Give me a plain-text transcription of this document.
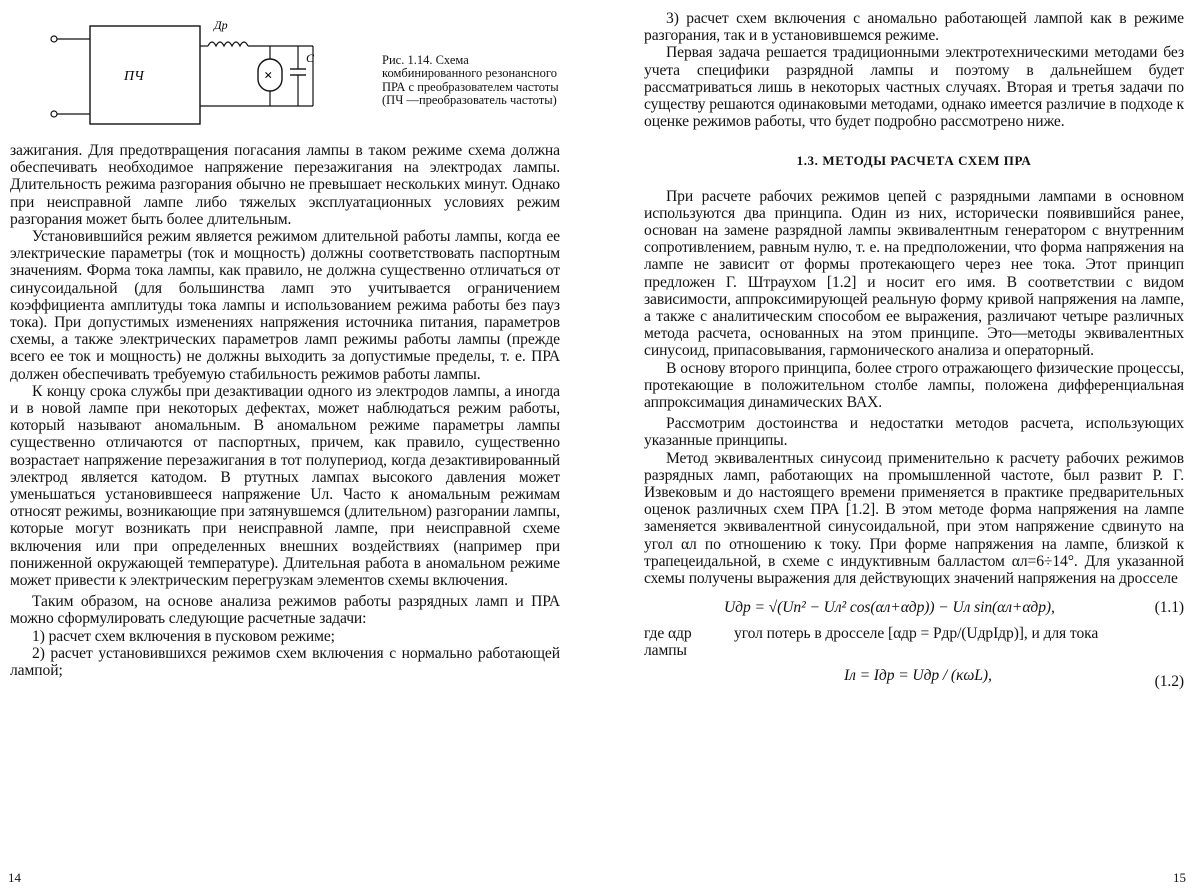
ПЧ
Др
×
С	Рис. 1.14. Схема комбинированного резонансного ПРА с преобразователем частоты (ПЧ —преобразователь частоты)

зажигания. Для предотвращения погасания лампы в таком режиме схема должна обеспечивать необходимое напряжение перезажигания на электродах лампы. Длительность режима разгорания обычно не превышает нескольких минут. Однако при неисправной лампе либо тяжелых эксплуатационных условиях режим разгорания может быть более длительным.

Установившийся режим является режимом длительной работы лампы, когда ее электрические параметры (ток и мощность) должны соответствовать паспортным значениям. Форма тока лампы, как правило, не должна существенно отличаться от синусоидальной (для большинства ламп это учитывается ограничением коэффициента амплитуды тока лампы и использованием режима работы без пауз тока). При допустимых изменениях напряжения источника питания, параметров схемы, а также электрических параметров ламп режимы работы лампы (прежде всего ее ток и мощность) не должны выходить за допустимые пределы, т. е. ПРА должен обеспечивать требуемую стабильность режимов работы лампы.

К концу срока службы при дезактивации одного из электродов лампы, а иногда и в новой лампе при некоторых дефектах, может наблюдаться режим работы, который называют аномальным. В аномальном режиме параметры лампы существенно отличаются от паспортных, причем, как правило, существенно возрастает напряжение перезажигания в тот полупериод, когда дезактивированный электрод является катодом. В ртутных лампах высокого давления может уменьшаться установившееся напряжение Uл. Часто к аномальным режимам относят режимы, возникающие при затянувшемся (длительном) разгорании лампы, которые могут возникать при неисправной лампе, при неисправной схеме включения или при определенных внешних воздействиях (например при пониженной окружающей температуре). Длительная работа в аномальном режиме может привести к электрическим перегрузкам элементов схемы включения.

Таким образом, на основе анализа режимов работы разрядных ламп и ПРА можно сформулировать следующие расчетные задачи:

1) расчет схем включения в пусковом режиме;

2) расчет установившихся режимов схем включения с нормально работающей лампой;

14

3) расчет схем включения с аномально работающей лампой как в режиме разгорания, так и в установившемся режиме.

Первая задача решается традиционными электротехническими методами без учета специфики разрядной лампы и поэтому в дальнейшем будет рассматриваться лишь в некоторых частных случаях. Вторая и третья задачи по существу решаются одинаковыми методами, однако имеется различие в подходе к оценке режимов работы, что будет подробно рассмотрено ниже.

1.3. МЕТОДЫ РАСЧЕТА СХЕМ ПРА

При расчете рабочих режимов цепей с разрядными лампами в основном используются два принципа. Один из них, исторически появившийся ранее, основан на замене разрядной лампы эквивалентным генератором с внутренним сопротивлением, равным нулю, т. е. на предположении, что форма напряжения на лампе не зависит от формы протекающего через нее тока. Этот принцип предложен Г. Штраухом [1.2] и носит его имя. В соответствии с видом зависимости, аппроксимирующей реальную форму кривой напряжения на лампе, а также с аналитическим способом ее выражения, различают четыре различных метода расчета, основанных на этом принципе. Это—методы эквивалентных синусоид, припасовывания, гармонического анализа и операторный.

В основу второго принципа, более строго отражающего физические процессы, протекающие в положительном столбе лампы, положена дифференциальная аппроксимация динамических ВАХ.

Рассмотрим достоинства и недостатки методов расчета, использующих указанные принципы.

Метод эквивалентных синусоид применительно к расчету рабочих режимов разрядных ламп, работающих на промышленной частоте, был развит Р. Г. Извековым и до настоящего времени применяется в практике предварительных оценок различных схем ПРА [1.2]. В этом методе форма напряжения на лампе заменяется эквивалентной синусоидальной, при этом напряжение сдвинуто на угол αл по отношению к току. При форме напряжения на лампе, близкой к трапецеидальной, в схеме с индуктивным балластом αл=6÷14°. Для указанной схемы получены выражения для действующих значений напряжения на дросселе

Uдр = √(Uп² − Uл² cos(αл+αдр)) − Uл sin(αл+αдр),	(1.1)
где αдр	угол потерь в дросселе [αдр = Pдр/(UдрIдр)], и для тока
лампы
Iл = Iдр = Uдр / (κωL),	(1.2)
15
